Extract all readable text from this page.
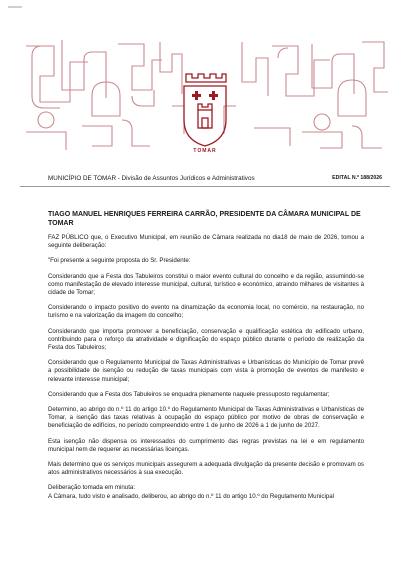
TOMAR
MUNICÍPIO DE TOMAR - Divisão de Assuntos Jurídicos e Administrativos	EDITAL N.º 188/2026
TIAGO MANUEL HENRIQUES FERREIRA CARRÃO, PRESIDENTE DA CÂMARA MUNICIPAL DE TOMAR

FAZ PÚBLICO que, o Executivo Municipal, em reunião de Câmara realizada no dia18 de maio de 2026, tomou a seguinte deliberação:

"Foi presente a seguinte proposta do Sr. Presidente:

Considerando que a Festa dos Tabuleiros constitui o maior evento cultural do concelho e da região, assumindo-se como manifestação de elevado interesse municipal, cultural, turístico e económico, atraindo milhares de visitantes à cidade de Tomar;

Considerando o impacto positivo do evento na dinamização da economia local, no comércio, na restauração, no turismo e na valorização da imagem do concelho;

Considerando que importa promover a beneficiação, conservação e qualificação estética do edificado urbano, contribuindo para o reforço da atratividade e dignificação do espaço público durante o período de realização da Festa dos Tabuleiros;

Considerando que o Regulamento Municipal de Taxas Administrativas e Urbanísticas do Município de Tomar prevê a possibilidade de isenção ou redução de taxas municipais com vista à promoção de eventos de manifesto e relevante interesse municipal;

Considerando que a Festa dos Tabuleiros se enquadra plenamente naquele pressuposto regulamentar;

Determino, ao abrigo do n.º 11 do artigo 10.º do Regulamento Municipal de Taxas Administrativas e Urbanísticas de Tomar, a isenção das taxas relativas à ocupação do espaço público por motivo de obras de conservação e beneficiação de edifícios, no período compreendido entre 1 de junho de 2026 a 1 de junho de 2027.

Esta isenção não dispensa os interessados do cumprimento das regras previstas na lei e em regulamento municipal nem de requerer as necessárias licenças.

Mais determino que os serviços municipais assegurem a adequada divulgação da presente decisão e promovam os atos administrativos necessários à sua execução.

Deliberação tomada em minuta:

A Câmara, tudo visto e analisado, deliberou, ao abrigo do n.º 11 do artigo 10.º do Regulamento Municipal
